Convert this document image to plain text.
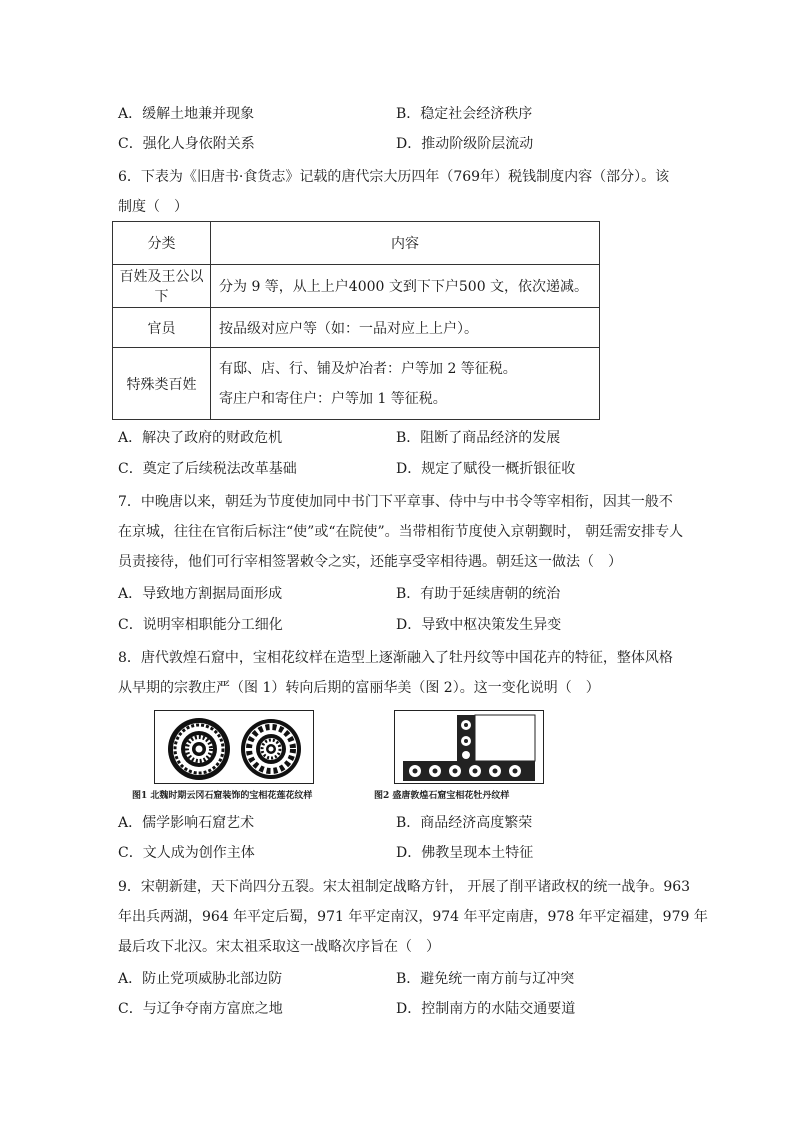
A．缓解土地兼并现象	B．稳定社会经济秩序
C．强化人身依附关系	D．推动阶级阶层流动
6．下表为《旧唐书·食货志》记载的唐代宗大历四年（769年）税钱制度内容（部分）。该
制度（　）
分类	内容
百姓及王公以下	分为 9 等，从上上户4000 文到下下户500 文，依次递减。
官员	按品级对应户等（如：一品对应上上户）。
特殊类百姓	有邸、店、行、铺及炉冶者：户等加 2 等征税。
寄庄户和寄住户：户等加 1 等征税。
A．解决了政府的财政危机	B．阻断了商品经济的发展
C．奠定了后续税法改革基础	D．规定了赋役一概折银征收
7．中晚唐以来，朝廷为节度使加同中书门下平章事、侍中与中书令等宰相衔，因其一般不
在京城，往往在官衔后标注“使”或“在院使”。当带相衔节度使入京朝觐时， 朝廷需安排专人
员责接待，他们可行宰相签署敕令之实，还能享受宰相待遇。朝廷这一做法（　）
A．导致地方割据局面形成	B．有助于延续唐朝的统治
C．说明宰相职能分工细化	D．导致中枢决策发生异变
8．唐代敦煌石窟中，宝相花纹样在造型上逐渐融入了牡丹纹等中国花卉的特征，整体风格
从早期的宗教庄严（图 1）转向后期的富丽华美（图 2）。这一变化说明（　）
图1 北魏时期云冈石窟装饰的宝相花莲花纹样	图2 盛唐敦煌石窟宝相花牡丹纹样
A．儒学影响石窟艺术	B．商品经济高度繁荣
C．文人成为创作主体	D．佛教呈现本土特征
9．宋朝新建，天下尚四分五裂。宋太祖制定战略方针， 开展了削平诸政权的统一战争。963
年出兵两湖，964 年平定后蜀，971 年平定南汉，974 年平定南唐，978 年平定福建，979 年
最后攻下北汉。宋太祖采取这一战略次序旨在（　）
A．防止党项威胁北部边防	B．避免统一南方前与辽冲突
C．与辽争夺南方富庶之地	D．控制南方的水陆交通要道
